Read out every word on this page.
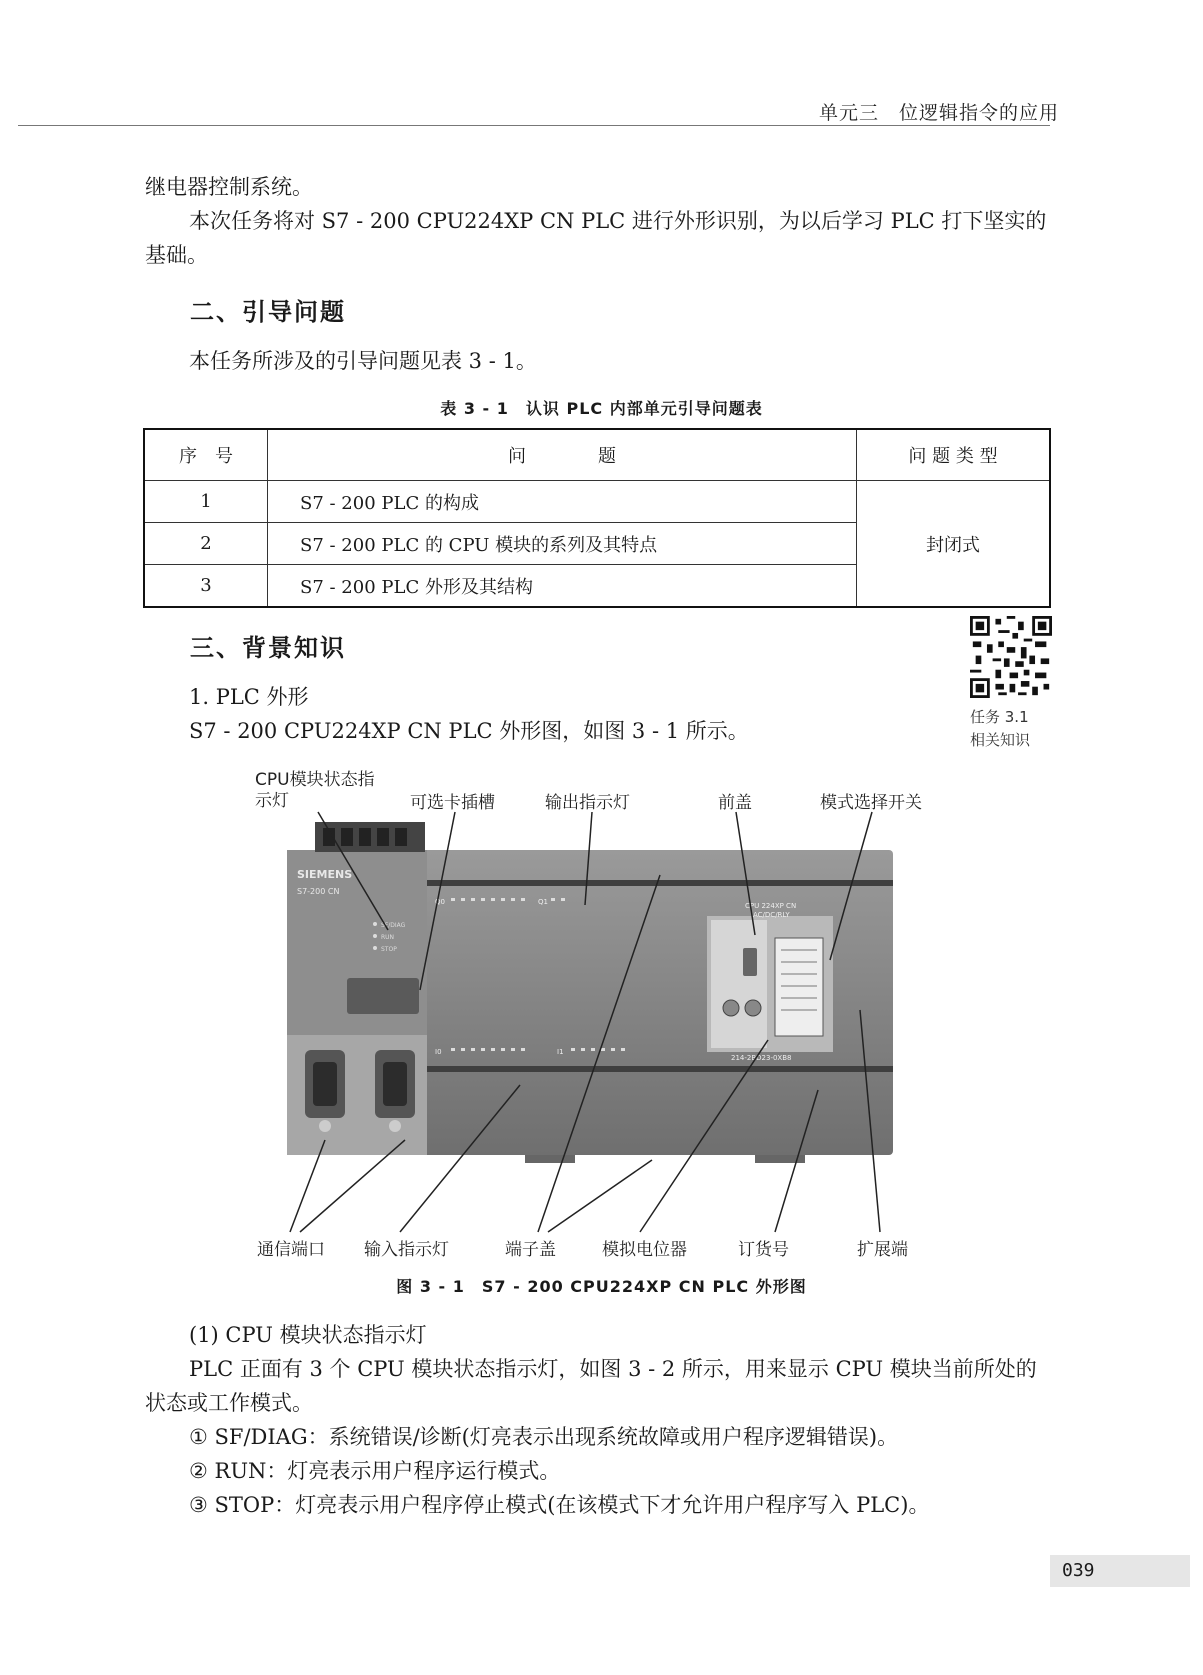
单元三　位逻辑指令的应用
继电器控制系统。
本次任务将对 S7 - 200 CPU224XP CN PLC 进行外形识别，为以后学习 PLC 打下坚实的基础。
二、引导问题
本任务所涉及的引导问题见表 3 - 1。
表 3 - 1　认识 PLC 内部单元引导问题表
序　号	问　　　　题	问 题 类 型
1	S7 - 200 PLC 的构成	封闭式
2	S7 - 200 PLC 的 CPU 模块的系列及其特点	
3	S7 - 200 PLC 外形及其结构	
三、背景知识
1. PLC 外形
S7 - 200 CPU224XP CN PLC 外形图，如图 3 - 1 所示。
任务 3.1
相关知识
CPU模块状态指示灯	可选卡插槽	输出指示灯	前盖	模式选择开关
通信端口 输入指示灯	端子盖	模拟电位器	订货号	扩展端
SIEMENS
S7-200 CN
SF/DIAG
RUN
STOP
Q0	Q1
I0	I1
CPU 224XP CN
AC/DC/RLY
214-2BD23-0XB8
图 3 - 1　S7 - 200 CPU224XP CN PLC 外形图
(1) CPU 模块状态指示灯
PLC 正面有 3 个 CPU 模块状态指示灯，如图 3 - 2 所示，用来显示 CPU 模块当前所处的状态或工作模式。
① SF/DIAG：系统错误/诊断(灯亮表示出现系统故障或用户程序逻辑错误)。
② RUN：灯亮表示用户程序运行模式。
③ STOP：灯亮表示用户程序停止模式(在该模式下才允许用户程序写入 PLC)。
039
